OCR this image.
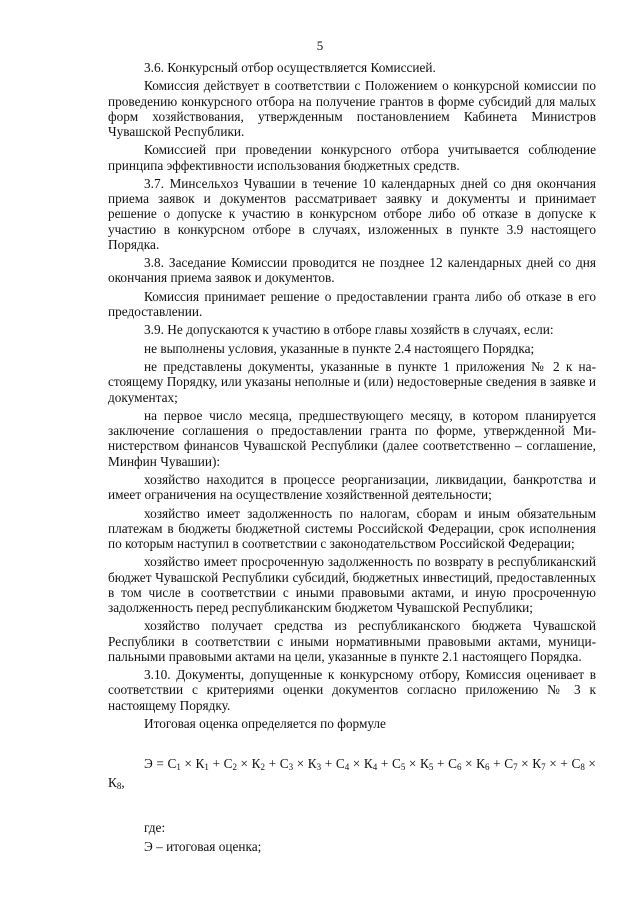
5

3.6. Конкурсный отбор осуществляется Комиссией.

Комиссия действует в соответствии с Положением о конкурсной комиссии по проведению конкурсного отбора на получение грантов в форме субсидий для малых форм хозяйствования, утвержденным постановлением Кабинета Министров Чувашской Республики.

Комиссией при проведении конкурсного отбора учитывается соблюдение принципа эффективности использования бюджетных средств.

3.7. Минсельхоз Чувашии в течение 10 календарных дней со дня окончания приема заявок и документов рассматривает заявку и документы и принимает решение о допуске к участию в конкурсном отборе либо об отказе в допуске к участию в конкурсном отборе в случаях, изложенных в пункте 3.9 настоящего Порядка.

3.8. Заседание Комиссии проводится не позднее 12 календарных дней со дня окончания приема заявок и документов.

Комиссия принимает решение о предоставлении гранта либо об отказе в его предоставлении.

3.9. Не допускаются к участию в отборе главы хозяйств в случаях, если:

не выполнены условия, указанные в пункте 2.4 настоящего Порядка;

не представлены документы, указанные в пункте 1 приложения № 2 к настоящему Порядку, или указаны неполные и (или) недостоверные сведения в заявке и документах;

на первое число месяца, предшествующего месяцу, в котором планируется заключение соглашения о предоставлении гранта по форме, утвержденной Министерством финансов Чувашской Республики (далее соответственно – соглашение, Минфин Чувашии):

хозяйство находится в процессе реорганизации, ликвидации, банкротства и имеет ограничения на осуществление хозяйственной деятельности;

хозяйство имеет задолженность по налогам, сборам и иным обязательным платежам в бюджеты бюджетной системы Российской Федерации, срок исполнения по которым наступил в соответствии с законодательством Российской Федерации;

хозяйство имеет просроченную задолженность по возврату в республиканский бюджет Чувашской Республики субсидий, бюджетных инвестиций, предоставленных в том числе в соответствии с иными правовыми актами, и иную просроченную задолженность перед республиканским бюджетом Чувашской Республики;

хозяйство получает средства из республиканского бюджета Чувашской Республики в соответствии с иными нормативными правовыми актами, муниципальными правовыми актами на цели, указанные в пункте 2.1 настоящего Порядка.

3.10. Документы, допущенные к конкурсному отбору, Комиссия оценивает в соответствии с критериями оценки документов согласно приложению № 3 к настоящему Порядку.

Итоговая оценка определяется по формуле

$Э = С_1 \times К_1 + С_2 \times К_2 + С_3 \times К_3 + С_4 \times К_4 + С_5 \times К_5 + С_6 \times К_6 + С_7 \times К_7$ × + $С_8 \times К_8$,

где:

Э – итоговая оценка;
